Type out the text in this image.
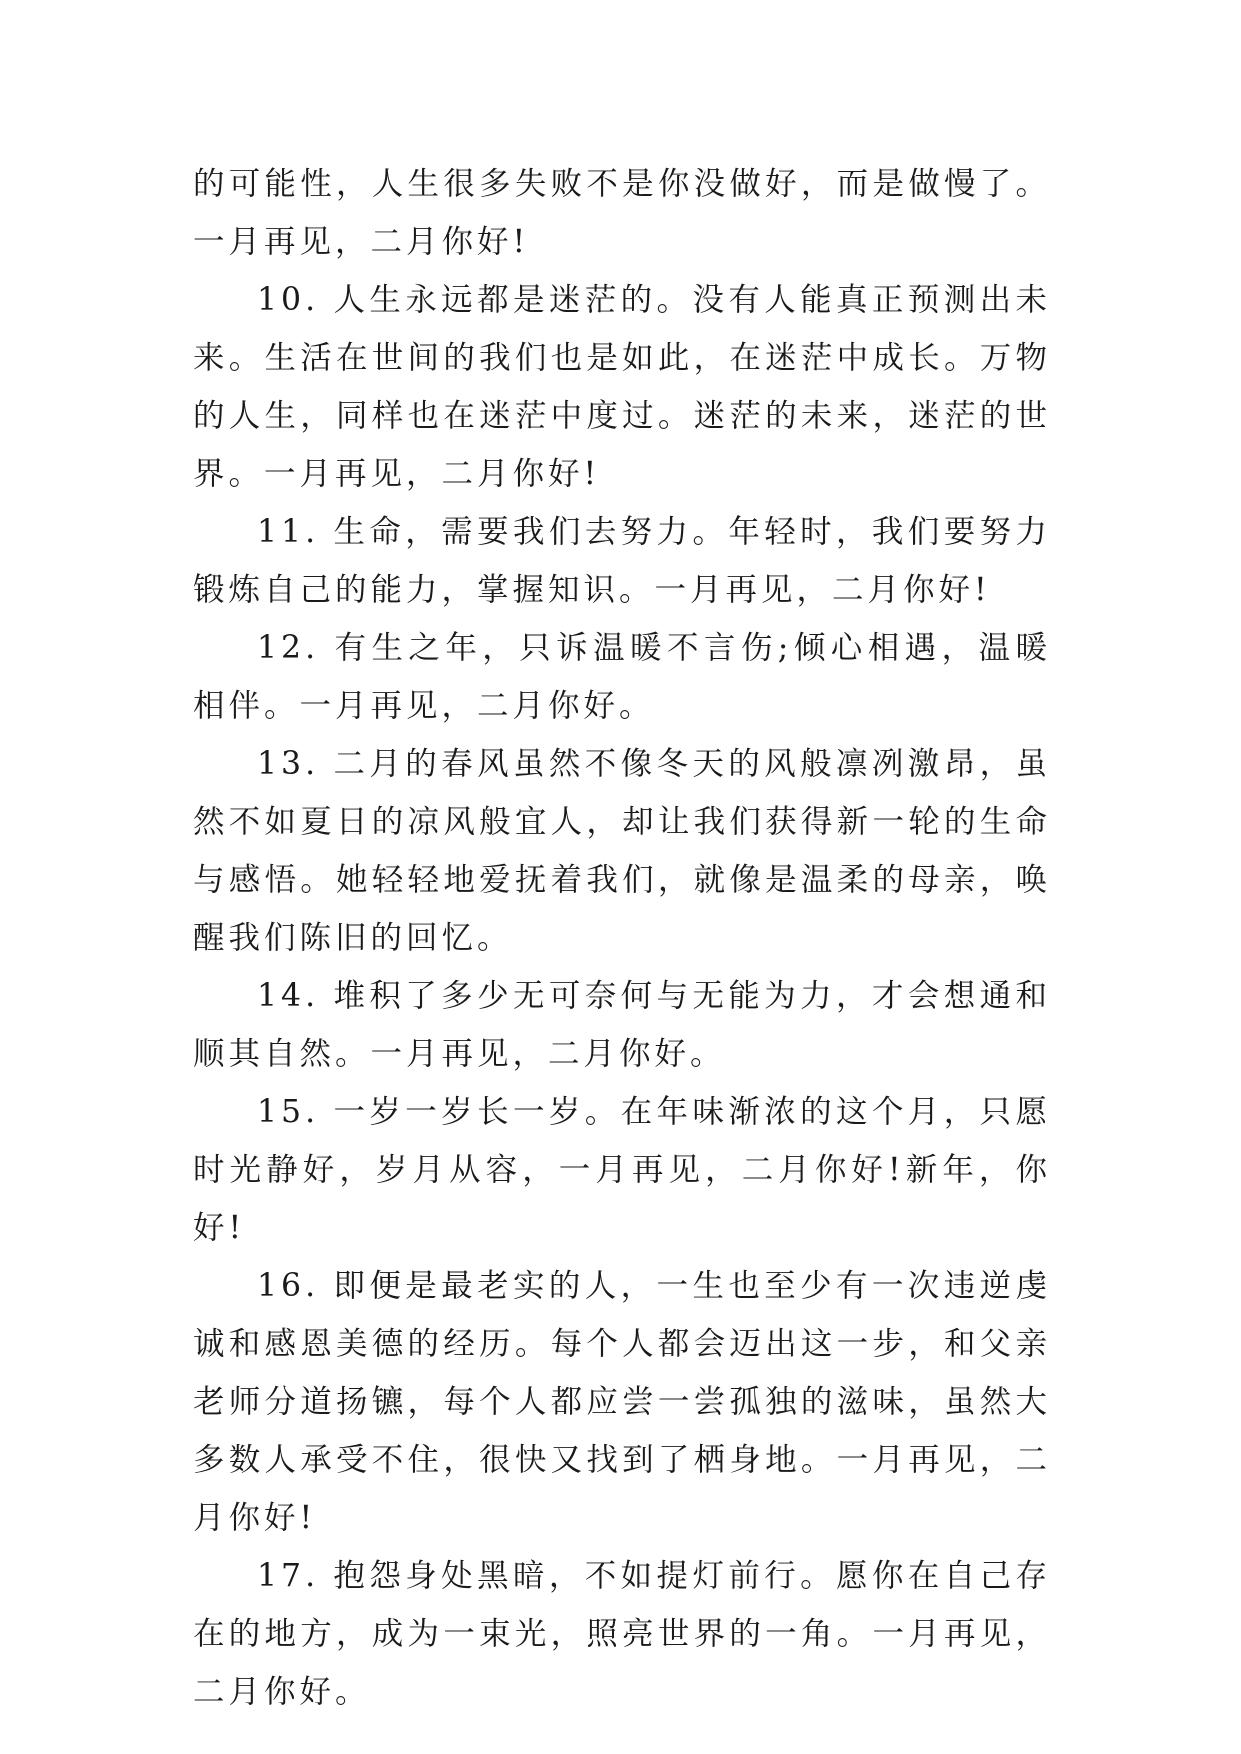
的可能性，人生很多失败不是你没做好，而是做慢了。一月再见，二月你好!

10. 人生永远都是迷茫的。没有人能真正预测出未来。生活在世间的我们也是如此，在迷茫中成长。万物的人生，同样也在迷茫中度过。迷茫的未来，迷茫的世界。一月再见，二月你好!

11. 生命，需要我们去努力。年轻时，我们要努力锻炼自己的能力，掌握知识。一月再见，二月你好!

12. 有生之年，只诉温暖不言伤;倾心相遇，温暖相伴。一月再见，二月你好。

13. 二月的春风虽然不像冬天的风般凛冽激昂，虽然不如夏日的凉风般宜人，却让我们获得新一轮的生命与感悟。她轻轻地爱抚着我们，就像是温柔的母亲，唤醒我们陈旧的回忆。

14. 堆积了多少无可奈何与无能为力，才会想通和顺其自然。一月再见，二月你好。

15. 一岁一岁长一岁。在年味渐浓的这个月，只愿时光静好，岁月从容，一月再见，二月你好!新年，你好!

16. 即便是最老实的人，一生也至少有一次违逆虔诚和感恩美德的经历。每个人都会迈出这一步，和父亲老师分道扬镳，每个人都应尝一尝孤独的滋味，虽然大多数人承受不住，很快又找到了栖身地。一月再见，二月你好!

17. 抱怨身处黑暗，不如提灯前行。愿你在自己存在的地方，成为一束光，照亮世界的一角。一月再见，二月你好。
